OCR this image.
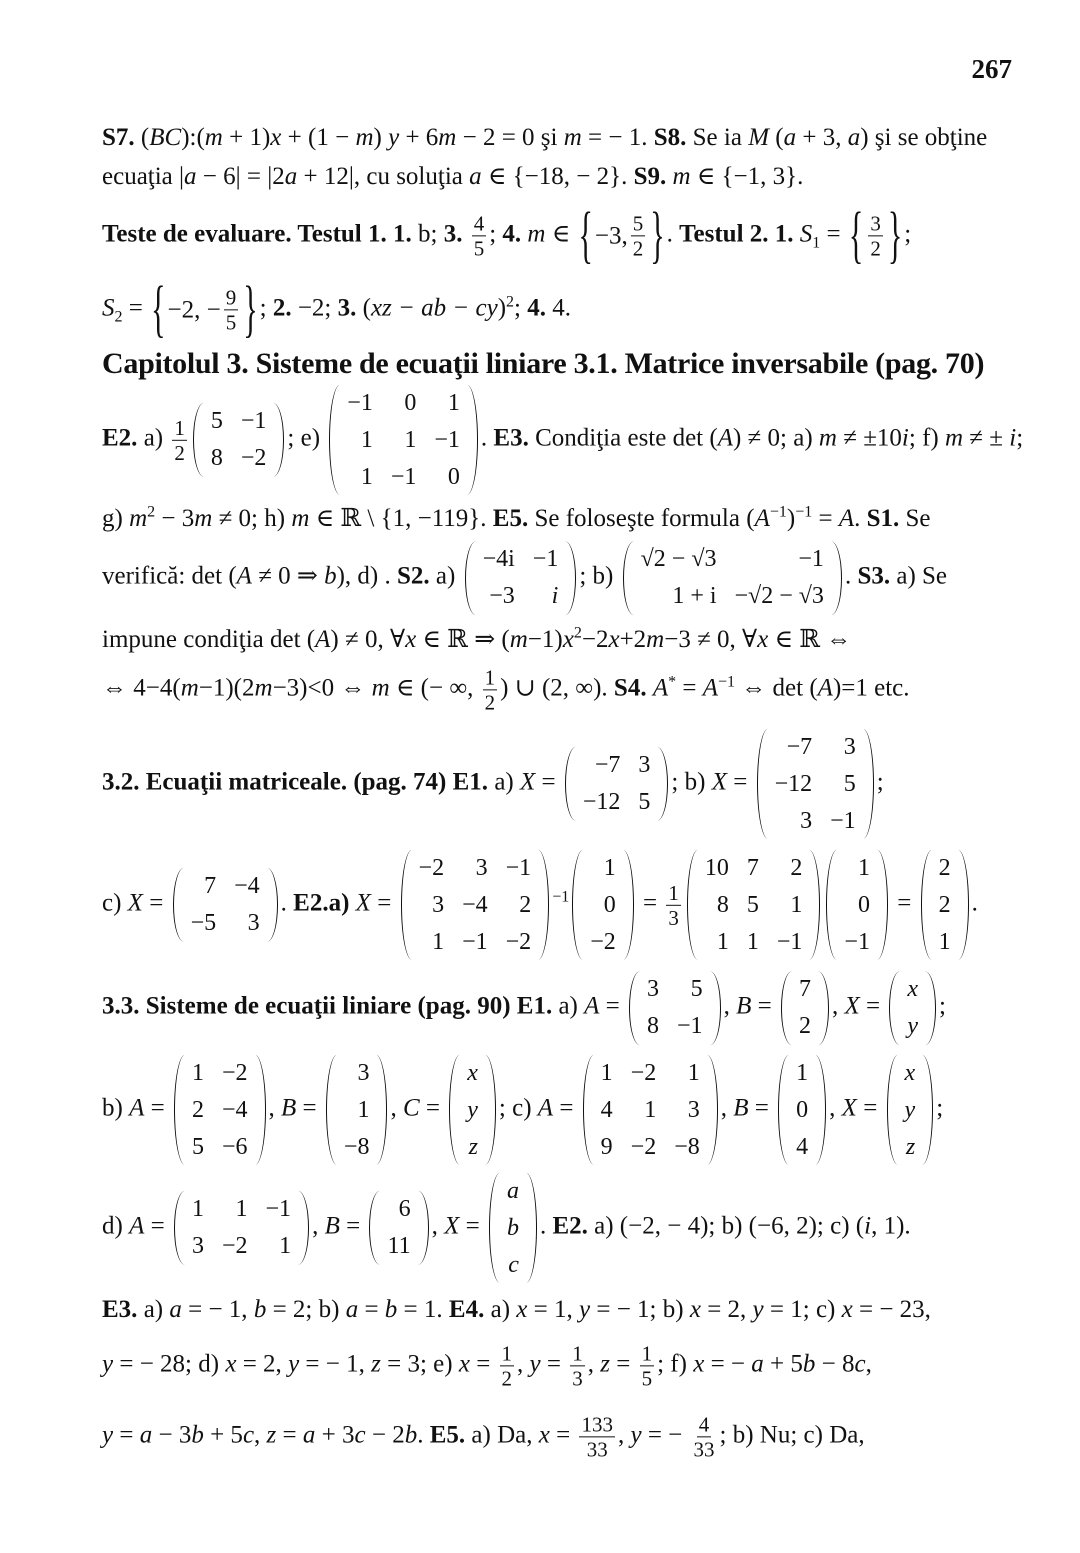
267
S7. (BC):(m + 1)x + (1 − m) y + 6m − 2 = 0 şi m = − 1. S8. Se ia M (a + 3, a) şi se obţine
ecuaţia |a − 6| = |2a + 12|, cu soluţia a ∈ {−18, − 2}. S9. m ∈ {−1, 3}.
Teste de evaluare. Testul 1. 1. b; 3. $\frac{4}{5}$ ; 4. m ∈ { −3, $\frac{5}{2}$ } . Testul 2. 1. $S_1$ = { $\frac{3}{2}$ } ;
$S_2$ = { −2, − $\frac{9}{5}$ } ; 2. −2; 3. (xz − ab − cy)$^2$; 4. 4.
Capitolul 3. Sisteme de ecuaţii liniare 3.1. Matrice inversabile (pag. 70)
E2. $a) \frac{1}{2} 5$	−1
8	−2
; e)
−1	0	1
1	1	−1
1	−1	0
. E3. Condiţia este det (A) ≠ 0; a) m ≠ ±10i; f) m ≠ ± i;
g) $m^2 - 3m \ne 0$; h) m ∈ ℝ \ {1, −119}. E5. Se foloseşte formula $(A^{-1})^{-1} = A$. S1. Se
verifică: det (A ≠ 0 ⇒ b), d) . S2. a)
−4i	−1
−3	i
; b)
√2 − √3	−1
1 + i	−√2 − √3
. S3. a) Se
impune condiţia det (A) ≠ 0, ∀x ∈ ℝ ⇒ $(m-1)x^2-2x+2m-3 \ne 0$, ∀x ∈ ℝ ⇔
⇔ 4−4(m−1)(2m−3)<0 ⇔ m ∈ (− ∞, $\frac{1}{2}$ ) ∪ (2, ∞). S4. $A^* = A^{-1}$ ⇔ det (A)=1 etc.
3.2. Ecuaţii matriceale. (pag. 74) E1. a) X =
−7	3
−12	5
; b) X =
−7	3
−12	5
3	−1
;
c) X =
7	−4
−5	3
. E2.a) X =
−2	3	−1
3	−4	2
1	−1	−2
$^{-1}$
1
0
−2
= $\frac{1}{3}$
10	7	2
8	5	1
1	1	−1
1
0
−1
=
2
2
1
.
3.3. Sisteme de ecuaţii liniare (pag. 90) E1. a) A =
3	5
8	−1
, B =
7
2
, X =
x
y
;
b) A =
1	−2
2	−4
5	−6
, B =
3
1
−8
, C =
x
y
z
; c) A =
1	−2	1
4	1	3
9	−2	−8
, B =
1
0
4
, X =
x
y
z
;
d) A =
1	1	−1
3	−2	1
, B =
6
11
, X =
a
b
c
. E2. a) (−2, − 4); b) (−6, 2); c) (i, 1).
E3. a) a = − 1, b = 2; b) a = b = 1. E4. a) x = 1, y = − 1; b) x = 2, y = 1; c) x = − 23,
y = − 28; d) x = 2, y = − 1, z = 3; e) $x = \frac{1}{2}$ , $y = \frac{1}{3}$ , $z = \frac{1}{5}$ ; f) x = − a + 5b − 8c,
y = a − 3b + 5c, z = a + 3c − 2b. E5. a) Da, $x = \frac{133}{33}$ , y = − $\frac{4}{33}$ ; b) Nu; c) Da,
